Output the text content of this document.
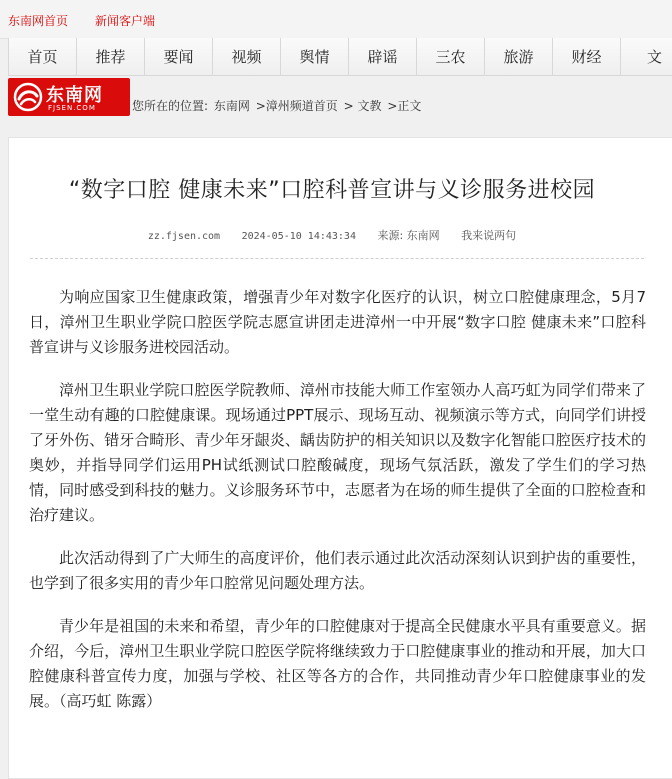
东南网首页 新闻客户端
首页	推荐	要闻	视频	舆情	辟谣	三农	旅游	财经	文
东南网
FJSEN.COM	您所在的位置: 东南网 >漳州频道首页 > 文教 >正文
“数字口腔 健康未来”口腔科普宣讲与义诊服务进校园
zz.fjsen.com 2024-05-10 14:43:34 来源: 东南网 我来说两句

为响应国家卫生健康政策，增强青少年对数字化医疗的认识，树立口腔健康理念，5月7日，漳州卫生职业学院口腔医学院志愿宣讲团走进漳州一中开展“数字口腔 健康未来”口腔科普宣讲与义诊服务进校园活动。

漳州卫生职业学院口腔医学院教师、漳州市技能大师工作室领办人高巧虹为同学们带来了一堂生动有趣的口腔健康课。现场通过PPT展示、现场互动、视频演示等方式，向同学们讲授了牙外伤、错牙合畸形、青少年牙龈炎、龋齿防护的相关知识以及数字化智能口腔医疗技术的奥妙，并指导同学们运用PH试纸测试口腔酸碱度，现场气氛活跃，激发了学生们的学习热情，同时感受到科技的魅力。义诊服务环节中，志愿者为在场的师生提供了全面的口腔检查和治疗建议。

此次活动得到了广大师生的高度评价，他们表示通过此次活动深刻认识到护齿的重要性，也学到了很多实用的青少年口腔常见问题处理方法。

青少年是祖国的未来和希望，青少年的口腔健康对于提高全民健康水平具有重要意义。据介绍，今后，漳州卫生职业学院口腔医学院将继续致力于口腔健康事业的推动和开展，加大口腔健康科普宣传力度，加强与学校、社区等各方的合作，共同推动青少年口腔健康事业的发展。（高巧虹 陈露）
